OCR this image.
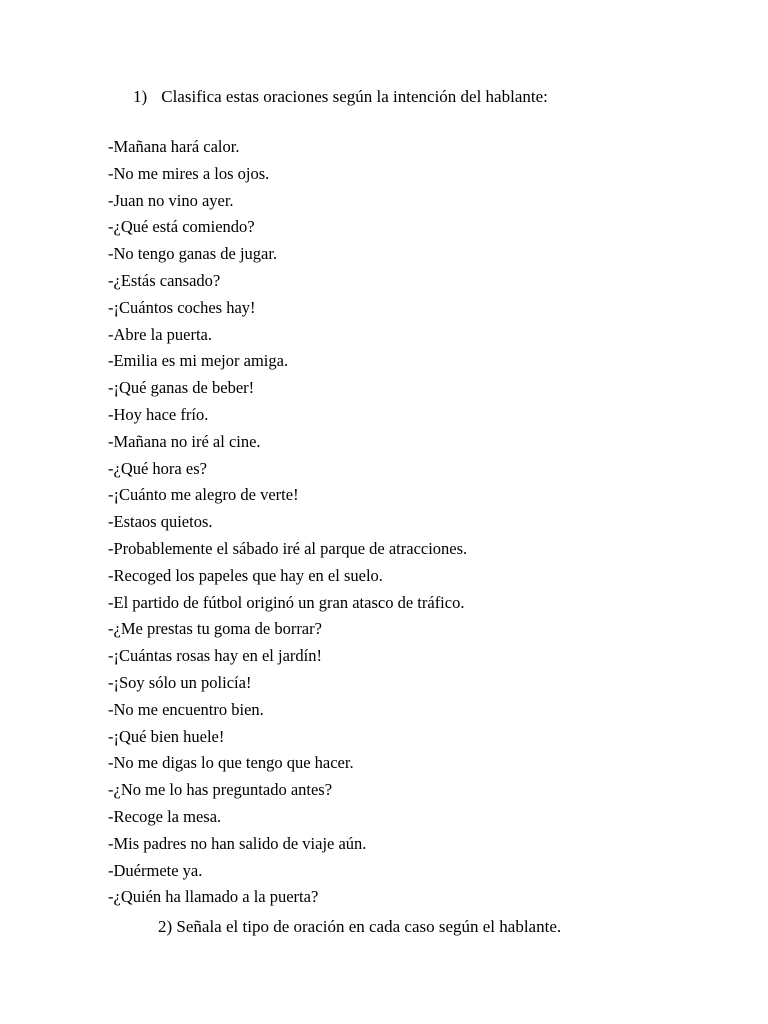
1) Clasifica estas oraciones según la intención del hablante:
-Mañana hará calor.
-No me mires a los ojos.
-Juan no vino ayer.
-¿Qué está comiendo?
-No tengo ganas de jugar.
-¿Estás cansado?
-¡Cuántos coches hay!
-Abre la puerta.
-Emilia es mi mejor amiga.
-¡Qué ganas de beber!
-Hoy hace frío.
-Mañana no iré al cine.
-¿Qué hora es?
-¡Cuánto me alegro de verte!
-Estaos quietos.
-Probablemente el sábado iré al parque de atracciones.
-Recoged los papeles que hay en el suelo.
-El partido de fútbol originó un gran atasco de tráfico.
-¿Me prestas tu goma de borrar?
-¡Cuántas rosas hay en el jardín!
-¡Soy sólo un policía!
-No me encuentro bien.
-¡Qué bien huele!
-No me digas lo que tengo que hacer.
-¿No me lo has preguntado antes?
-Recoge la mesa.
-Mis padres no han salido de viaje aún.
-Duérmete ya.
-¿Quién ha llamado a la puerta?
2) Señala el tipo de oración en cada caso según el hablante.
